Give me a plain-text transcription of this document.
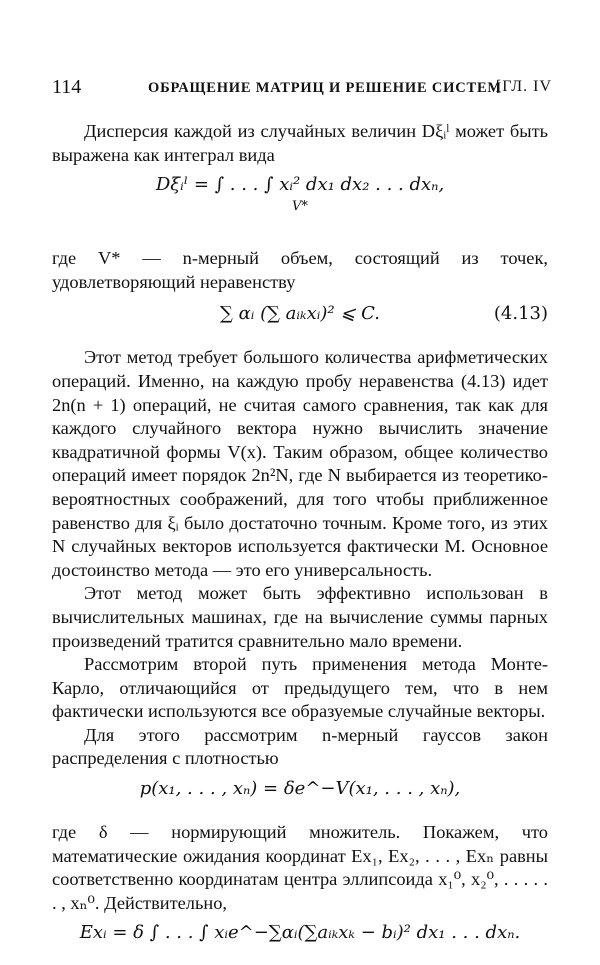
114	ОБРАЩЕНИЕ МАТРИЦ И РЕШЕНИЕ СИСТЕМ
[ГЛ. IV

Дисперсия каждой из случайных величин Dξᵢˡ может быть выражена как интеграл вида

Dξᵢˡ = ∫ . . . ∫ xᵢ² dx₁ dx₂ . . . dxₙ,
V*

где V* — n-мерный объем, состоящий из точек, удовлетворяющий неравенству

∑ αᵢ (∑ aᵢₖxᵢ)² ⩽ C.	(4.13)

Этот метод требует большого количества арифметических операций. Именно, на каждую пробу неравенства (4.13) идет 2n(n + 1) операций, не считая самого сравнения, так как для каждого случайного вектора нужно вычислить значение квадратичной формы V(x). Таким образом, общее количество операций имеет порядок 2n²N, где N выбирается из теоретико-вероятностных соображений, для того чтобы приближенное равенство для ξᵢ было достаточно точным. Кроме того, из этих N случайных векторов используется фактически M. Основное достоинство метода — это его универсальность.

Этот метод может быть эффективно использован в вычислительных машинах, где на вычисление суммы парных произведений тратится сравнительно мало времени.

Рассмотрим второй путь применения метода Монте-Карло, отличающийся от предыдущего тем, что в нем фактически используются все образуемые случайные векторы.

Для этого рассмотрим n-мерный гауссов закон распределения с плотностью

p(x₁, . . . , xₙ) = δe^−V(x₁, . . . , xₙ),

где δ — нормирующий множитель. Покажем, что математические ожидания координат Ex₁, Ex₂, . . . , Exₙ равны соответственно координатам центра эллипсоида x₁⁰, x₂⁰, . . . . . . , xₙ⁰. Действительно,

Exᵢ = δ ∫ . . . ∫ xᵢe^−∑αᵢ(∑aᵢₖxₖ − bᵢ)² dx₁ . . . dxₙ.
